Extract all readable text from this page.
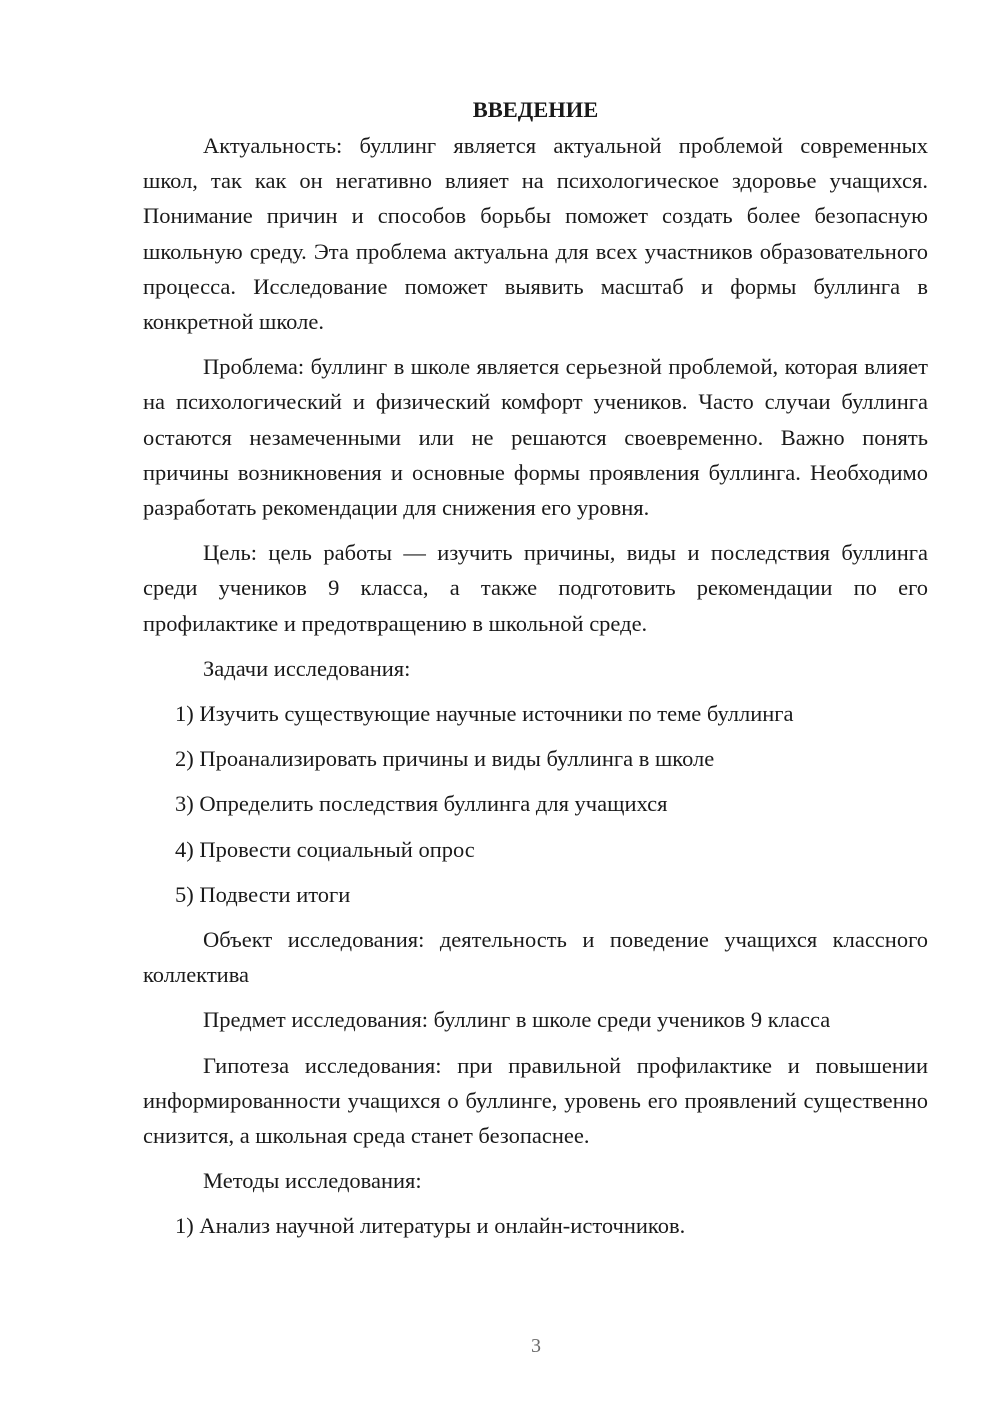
ВВЕДЕНИЕ

Актуальность: буллинг является актуальной проблемой современных школ, так как он негативно влияет на психологическое здоровье учащихся. Понимание причин и способов борьбы поможет создать более безопасную школьную среду. Эта проблема актуальна для всех участников образовательного процесса. Исследование поможет выявить масштаб и формы буллинга в конкретной школе.

Проблема: буллинг в школе является серьезной проблемой, которая влияет на психологический и физический комфорт учеников. Часто случаи буллинга остаются незамеченными или не решаются своевременно. Важно понять причины возникновения и основные формы проявления буллинга. Необходимо разработать рекомендации для снижения его уровня.

Цель: цель работы — изучить причины, виды и последствия буллинга среди учеников 9 класса, а также подготовить рекомендации по его профилактике и предотвращению в школьной среде.

Задачи исследования:

1) Изучить существующие научные источники по теме буллинга
2) Проанализировать причины и виды буллинга в школе
3) Определить последствия буллинга для учащихся
4) Провести социальный опрос
5) Подвести итоги

Объект исследования: деятельность и поведение учащихся классного коллектива

Предмет исследования: буллинг в школе среди учеников 9 класса

Гипотеза исследования: при правильной профилактике и повышении информированности учащихся о буллинге, уровень его проявлений существенно снизится, а школьная среда станет безопаснее.

Методы исследования:

1) Анализ научной литературы и онлайн-источников.
3
